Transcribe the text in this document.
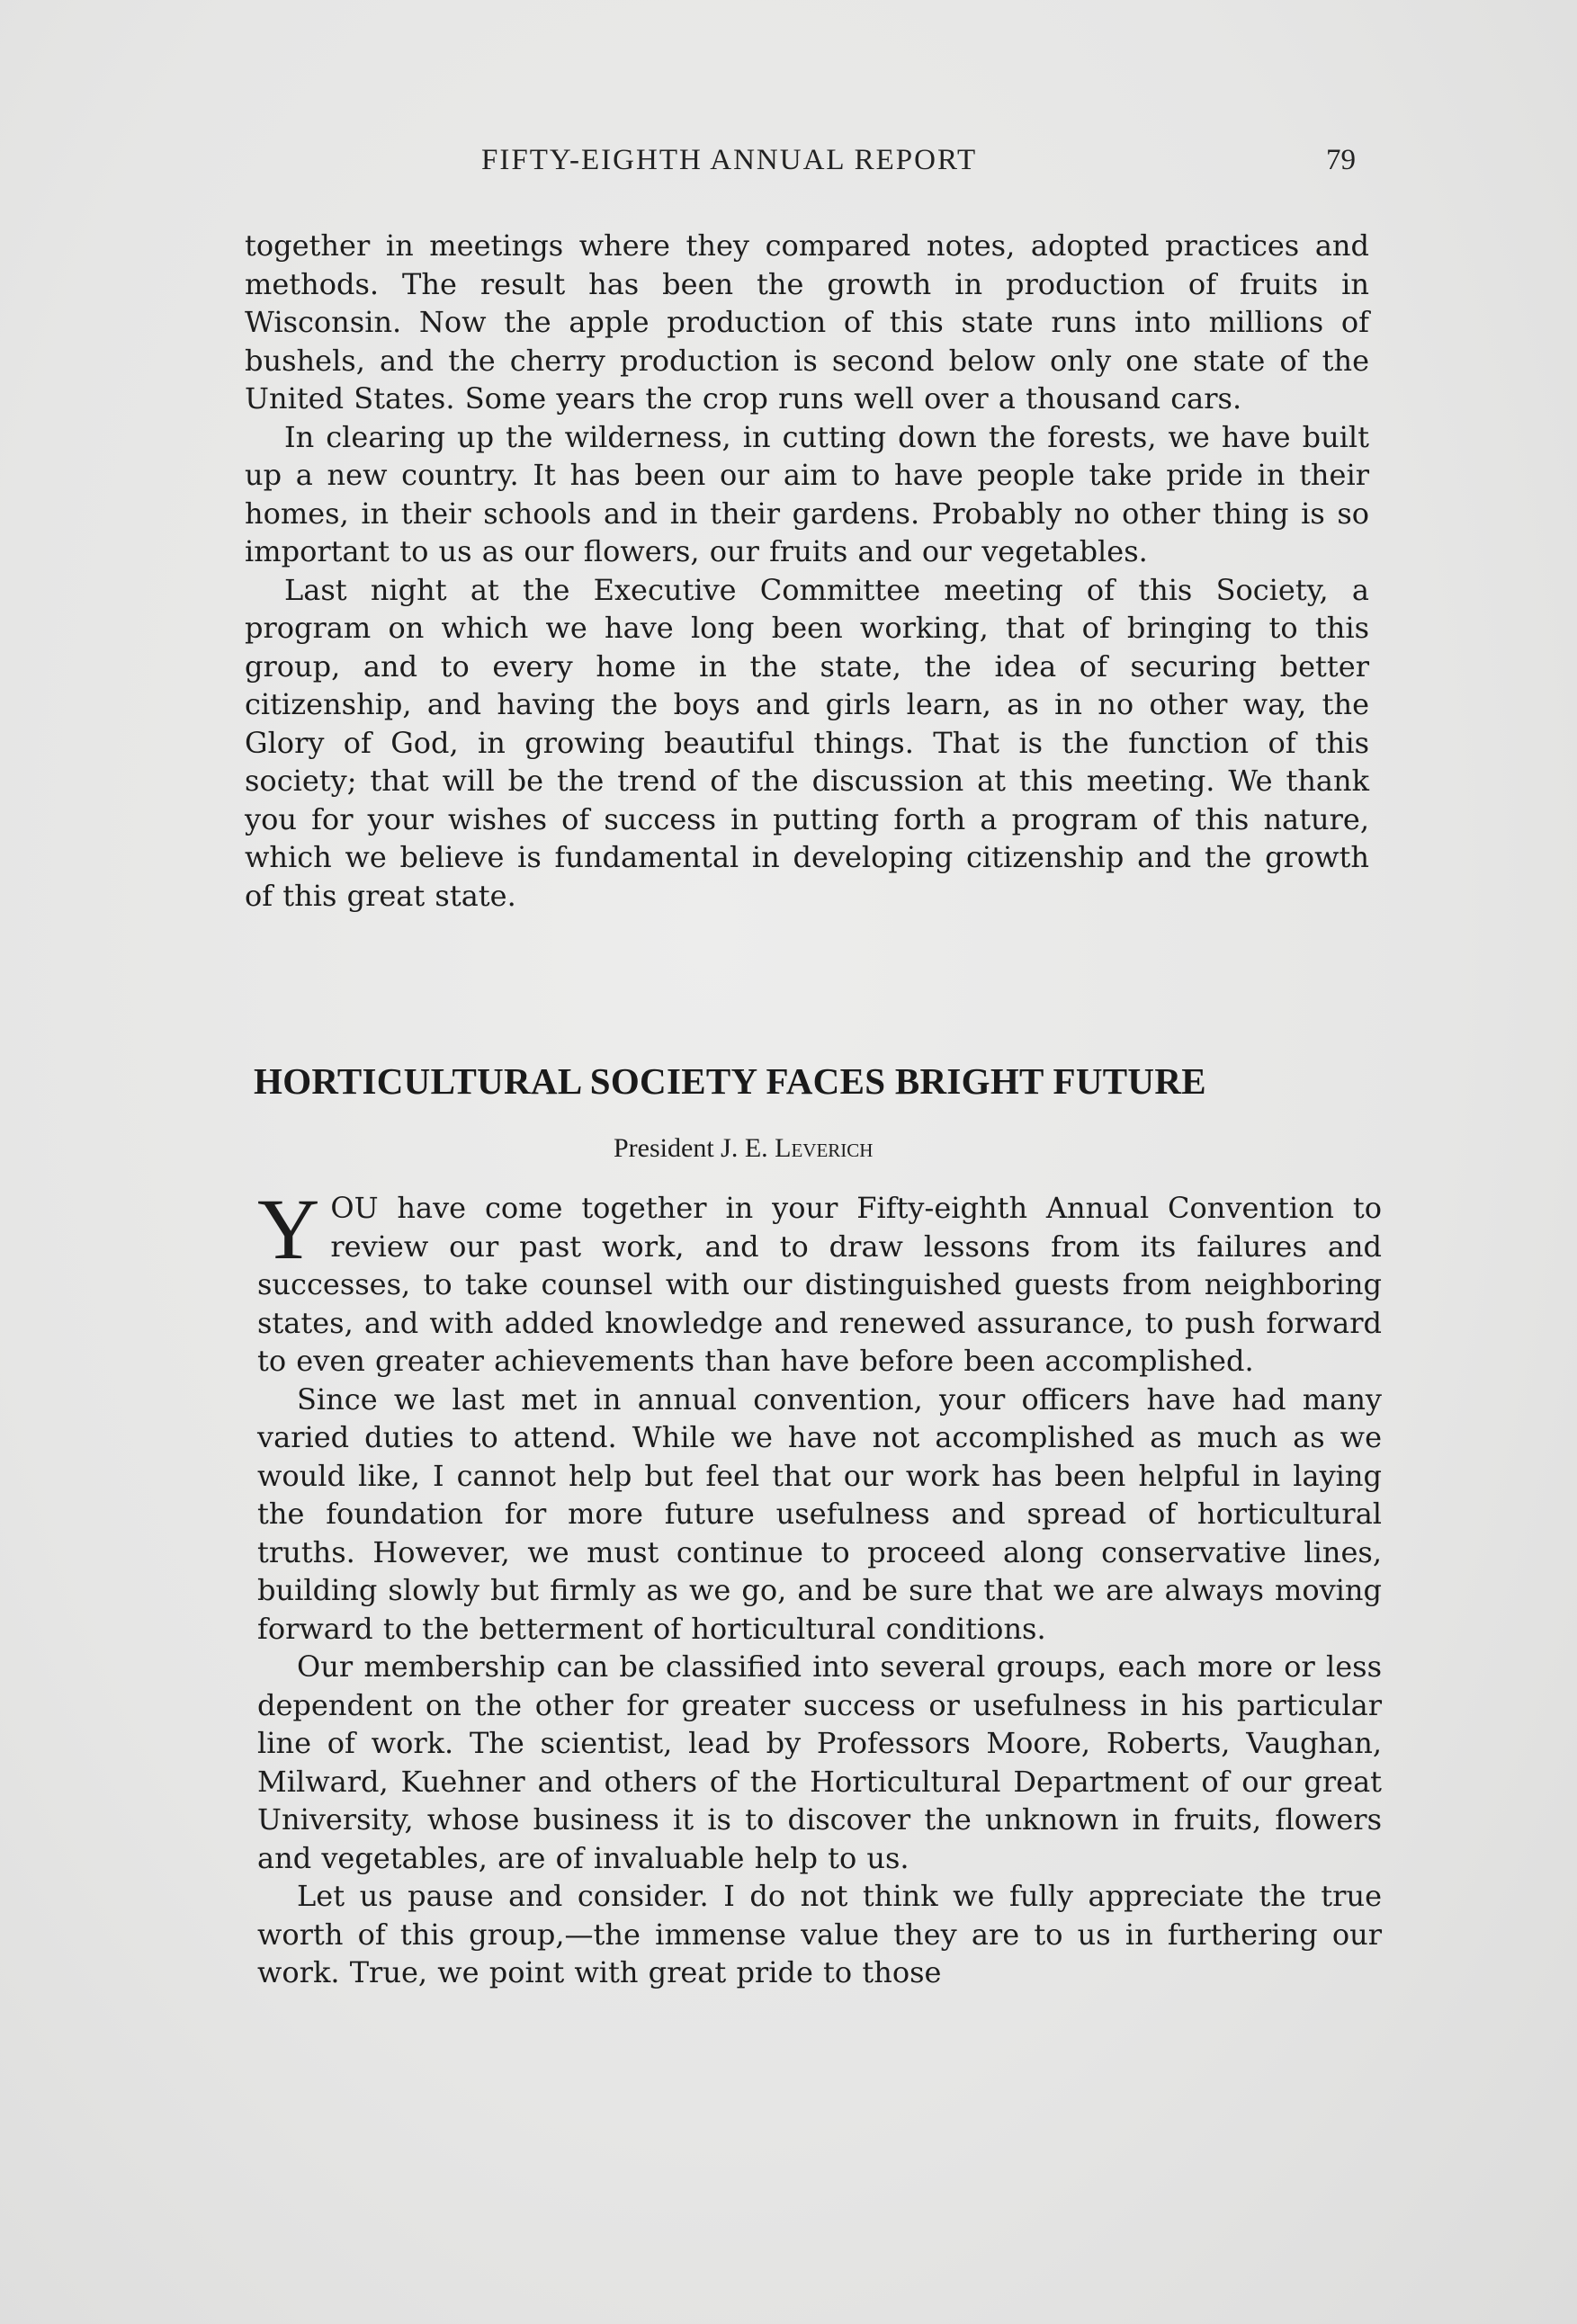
FIFTY-EIGHTH ANNUAL REPORT	79

together in meetings where they compared notes, adopted practices and methods. The result has been the growth in production of fruits in Wisconsin. Now the apple production of this state runs into millions of bushels, and the cherry production is second below only one state of the United States. Some years the crop runs well over a thousand cars.

In clearing up the wilderness, in cutting down the forests, we have built up a new country. It has been our aim to have people take pride in their homes, in their schools and in their gardens. Probably no other thing is so important to us as our flowers, our fruits and our vegetables.

Last night at the Executive Committee meeting of this Society, a program on which we have long been working, that of bringing to this group, and to every home in the state, the idea of securing better citizenship, and having the boys and girls learn, as in no other way, the Glory of God, in growing beautiful things. That is the function of this society; that will be the trend of the discussion at this meeting. We thank you for your wishes of success in putting forth a program of this nature, which we believe is fundamental in developing citizenship and the growth of this great state.

HORTICULTURAL SOCIETY FACES BRIGHT FUTURE
President J. E. Leverich

YOU have come together in your Fifty-eighth Annual Convention to review our past work, and to draw lessons from its failures and successes, to take counsel with our distinguished guests from neighboring states, and with added knowledge and renewed assurance, to push forward to even greater achievements than have before been accomplished.

Since we last met in annual convention, your officers have had many varied duties to attend. While we have not accomplished as much as we would like, I cannot help but feel that our work has been helpful in laying the foundation for more future usefulness and spread of horticultural truths. However, we must continue to proceed along conservative lines, building slowly but firmly as we go, and be sure that we are always moving forward to the betterment of horticultural conditions.

Our membership can be classified into several groups, each more or less dependent on the other for greater success or usefulness in his particular line of work. The scientist, lead by Professors Moore, Roberts, Vaughan, Milward, Kuehner and others of the Horticultural Department of our great University, whose business it is to discover the unknown in fruits, flowers and vegetables, are of invaluable help to us.

Let us pause and consider. I do not think we fully appreciate the true worth of this group,—the immense value they are to us in furthering our work. True, we point with great pride to those
